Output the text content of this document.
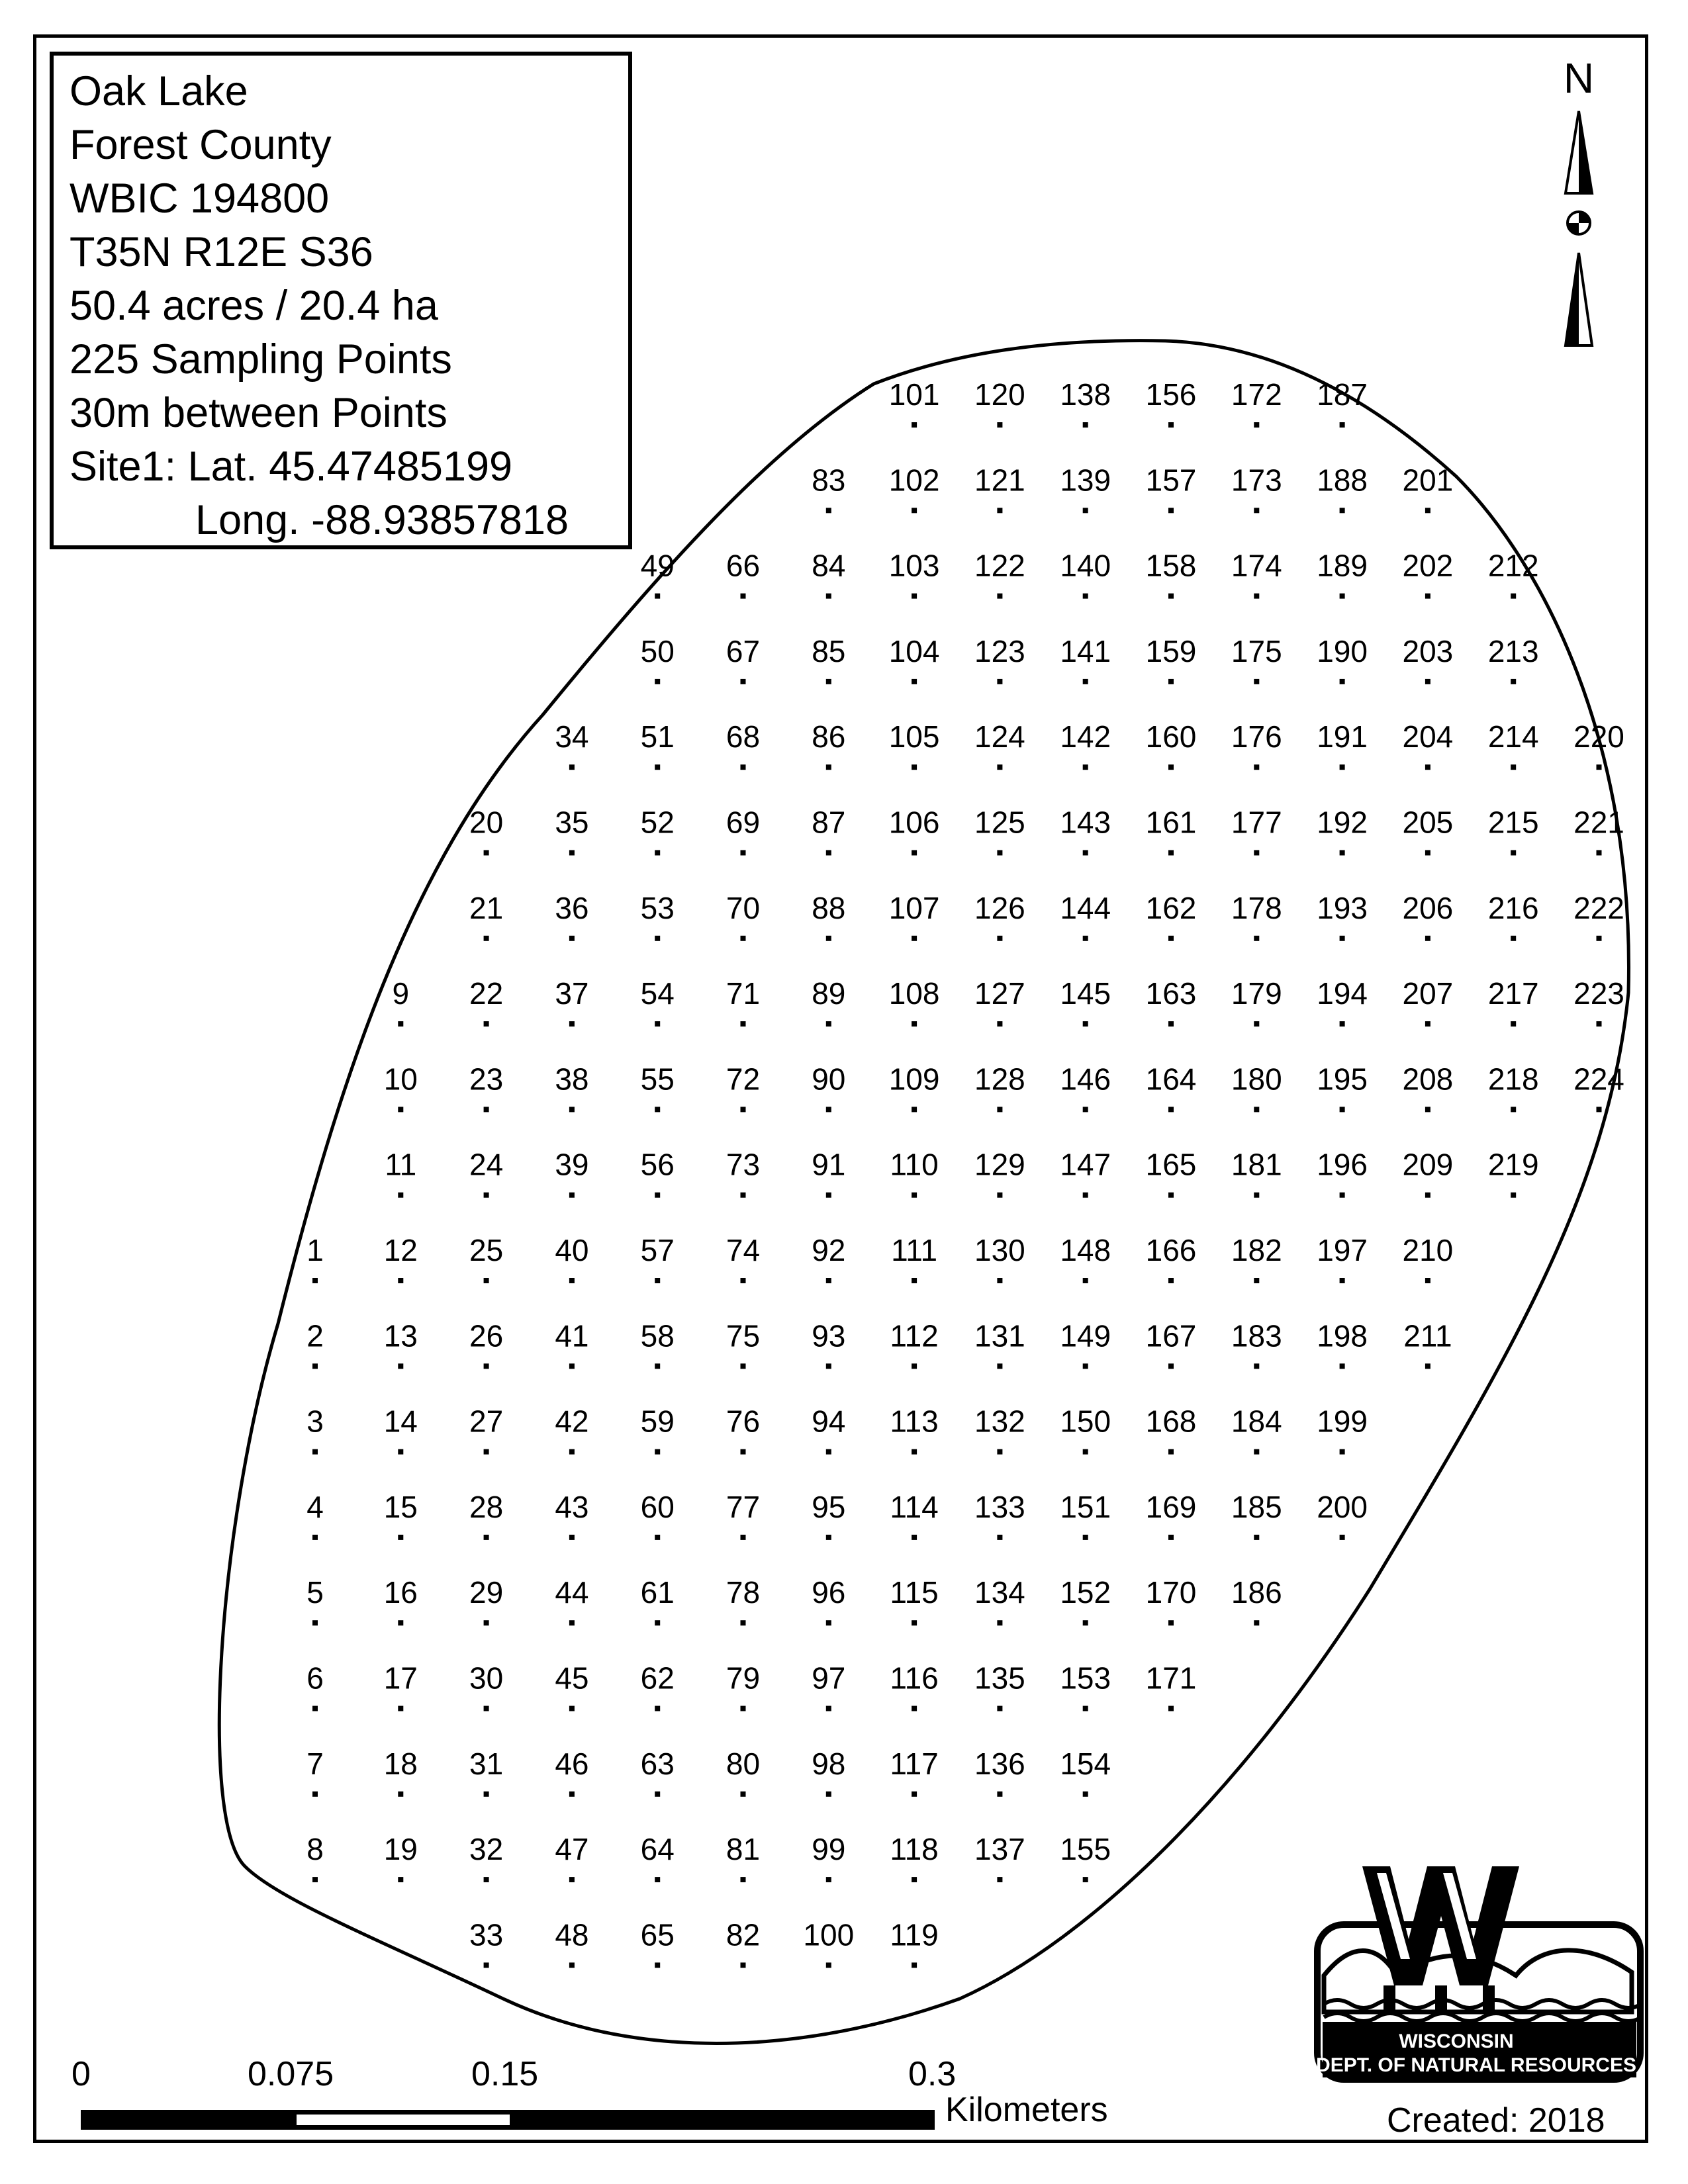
1
2
3
4
5
6
7
8
9
10
11
12
13
14
15
16
17
18
19
20
21
22
23
24
25
26
27
28
29
30
31
32
33
34
35
36
37
38
39
40
41
42
43
44
45
46
47
48
49
50
51
52
53
54
55
56
57
58
59
60
61
62
63
64
65
66
67
68
69
70
71
72
73
74
75
76
77
78
79
80
81
82
83
84
85
86
87
88
89
90
91
92
93
94
95
96
97
98
99
100
101
102
103
104
105
106
107
108
109
110
111
112
113
114
115
116
117
118
119
120
121
122
123
124
125
126
127
128
129
130
131
132
133
134
135
136
137
138
139
140
141
142
143
144
145
146
147
148
149
150
151
152
153
154
155
156
157
158
159
160
161
162
163
164
165
166
167
168
169
170
171
172
173
174
175
176
177
178
179
180
181
182
183
184
185
186
187
188
189
190
191
192
193
194
195
196
197
198
199
200
201
202
203
204
205
206
207
208
209
210
211
212
213
214
215
216
217
218
219
220
221
222
223
224
N
WISCONSIN
DEPT. OF NATURAL RESOURCES
Oak Lake
Forest County
WBIC 194800
T35N R12E S36
50.4 acres / 20.4 ha
225 Sampling Points
30m between Points
Site1: Lat. 45.47485199
Long. -88.93857818
0	0.075	0.15	0.3
Kilometers	Created: 2018
